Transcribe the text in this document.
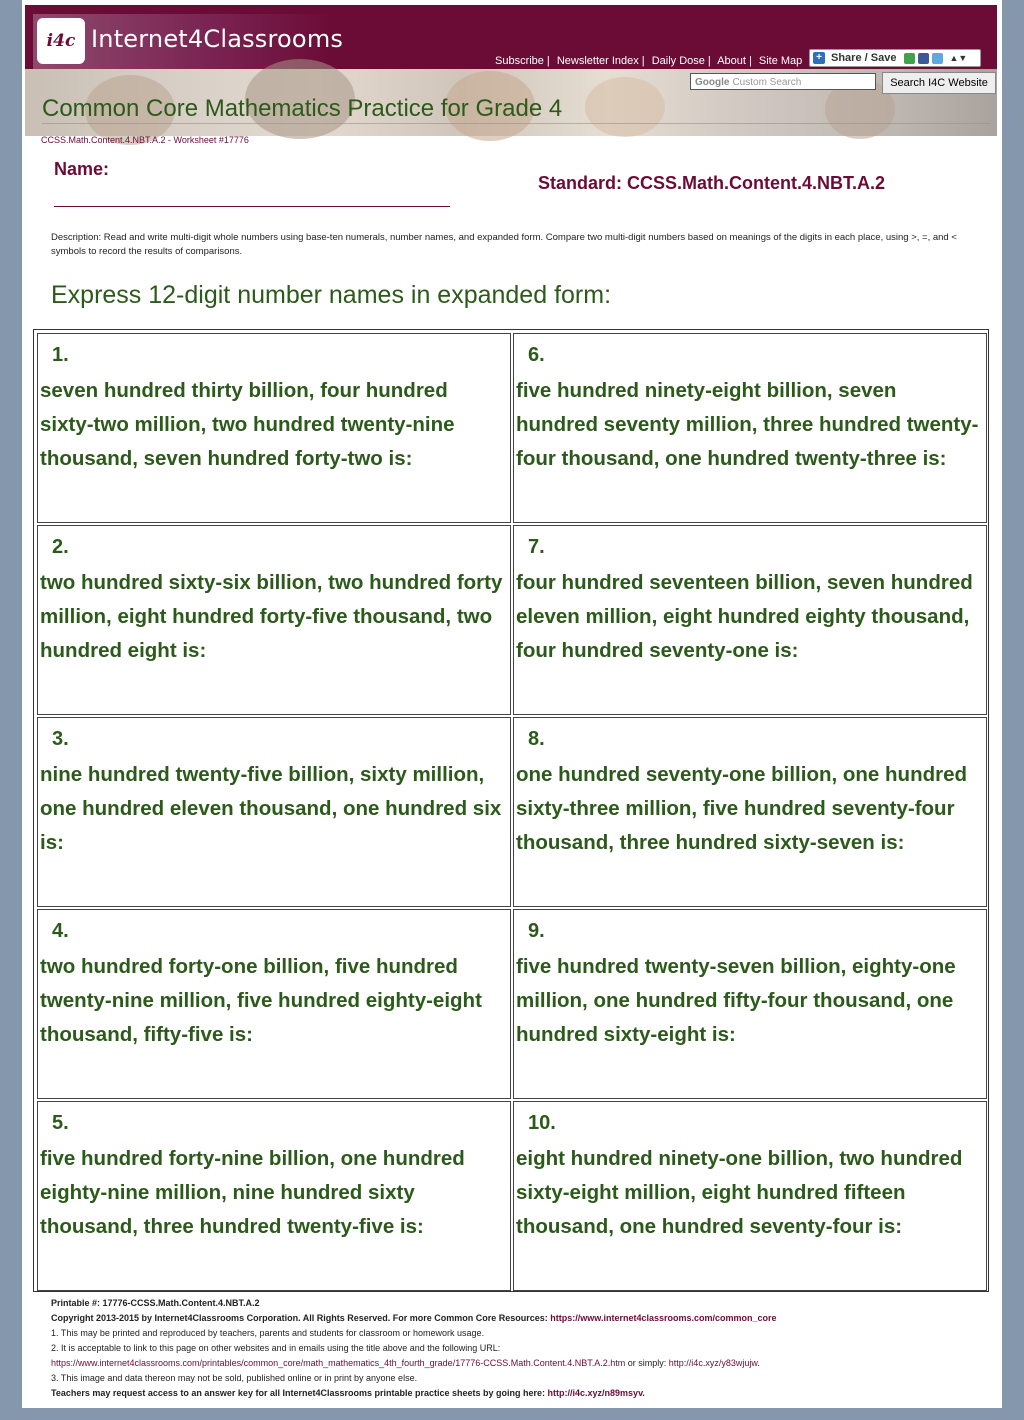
i4c Internet4Classrooms
Subscribe | Newsletter Index | Daily Dose | About | Site Map	+ Share / Save	▲▼
Google Custom Search	Search I4C Website
Common Core Mathematics Practice for Grade 4
CCSS.Math.Content.4.NBT.A.2 - Worksheet #17776
Name:
Standard: CCSS.Math.Content.4.NBT.A.2
Description: Read and write multi-digit whole numbers using base-ten numerals, number names, and expanded form. Compare two multi-digit numbers based on meanings of the digits in each place, using >, =, and < symbols to record the results of comparisons.
Express 12-digit number names in expanded form:
1.
seven hundred thirty billion, four hundred sixty-two million, two hundred twenty-nine thousand, seven hundred forty-two is:
2.
two hundred sixty-six billion, two hundred forty million, eight hundred forty-five thousand, two hundred eight is:
3.
nine hundred twenty-five billion, sixty million, one hundred eleven thousand, one hundred six is:
4.
two hundred forty-one billion, five hundred twenty-nine million, five hundred eighty-eight thousand, fifty-five is:
5.
five hundred forty-nine billion, one hundred eighty-nine million, nine hundred sixty thousand, three hundred twenty-five is:
6.
five hundred ninety-eight billion, seven hundred seventy million, three hundred twenty-four thousand, one hundred twenty-three is:
7.
four hundred seventeen billion, seven hundred eleven million, eight hundred eighty thousand, four hundred seventy-one is:
8.
one hundred seventy-one billion, one hundred sixty-three million, five hundred seventy-four thousand, three hundred sixty-seven is:
9.
five hundred twenty-seven billion, eighty-one million, one hundred fifty-four thousand, one hundred sixty-eight is:
10.
eight hundred ninety-one billion, two hundred sixty-eight million, eight hundred fifteen thousand, one hundred seventy-four is:
Printable #: 17776-CCSS.Math.Content.4.NBT.A.2
Copyright 2013-2015 by Internet4Classrooms Corporation. All Rights Reserved. For more Common Core Resources: https://www.internet4classrooms.com/common_core
1. This may be printed and reproduced by teachers, parents and students for classroom or homework usage.
2. It is acceptable to link to this page on other websites and in emails using the title above and the following URL:
https://www.internet4classrooms.com/printables/common_core/math_mathematics_4th_fourth_grade/17776-CCSS.Math.Content.4.NBT.A.2.htm or simply: http://i4c.xyz/y83wjujw.
3. This image and data thereon may not be sold, published online or in print by anyone else.
Teachers may request access to an answer key for all Internet4Classrooms printable practice sheets by going here: http://i4c.xyz/n89msyv.
